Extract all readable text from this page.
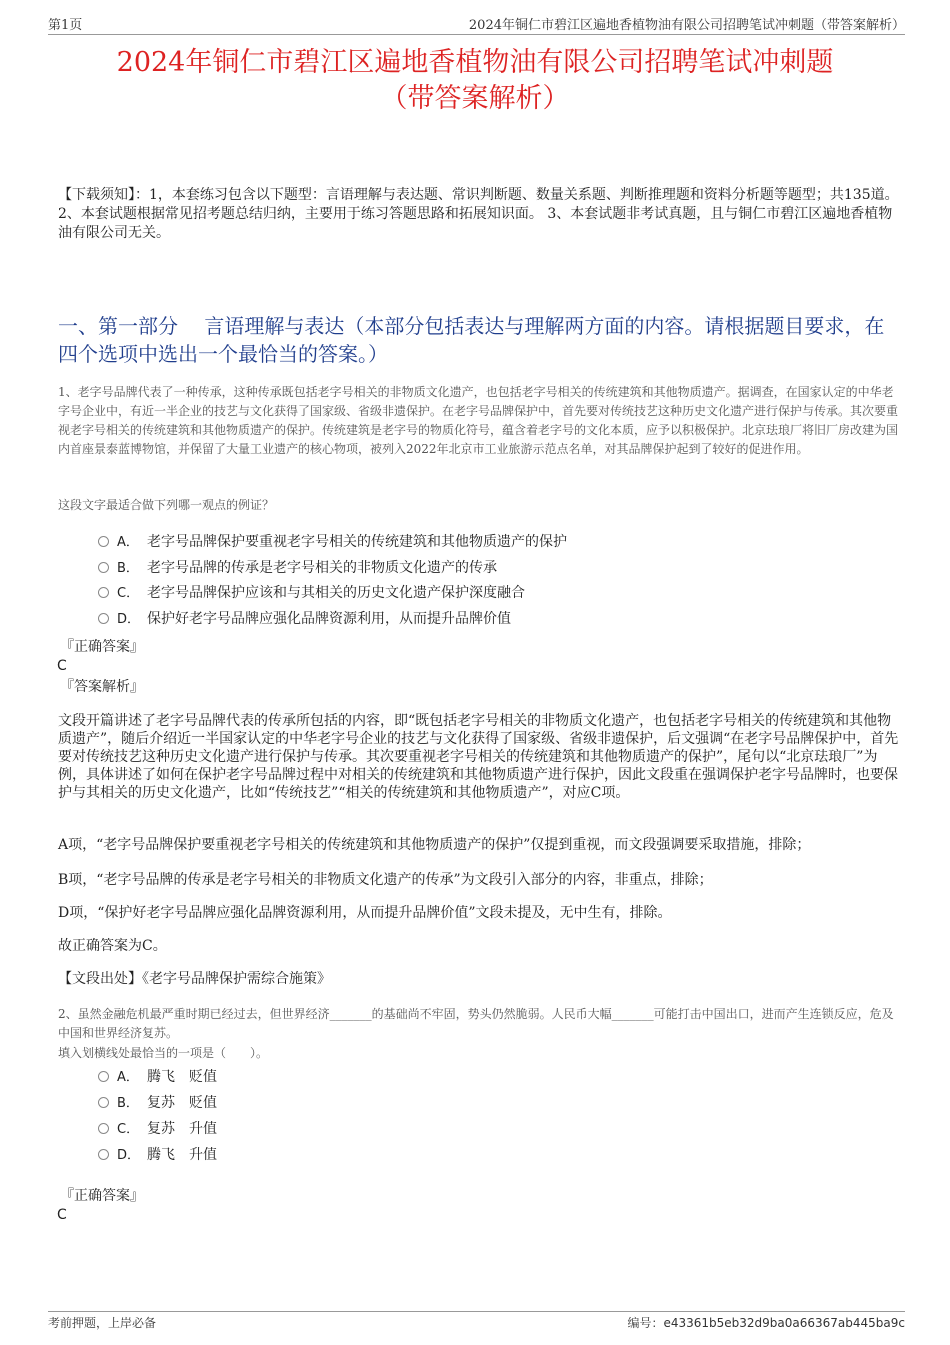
第1页	2024年铜仁市碧江区遍地香植物油有限公司招聘笔试冲刺题（带答案解析）
2024年铜仁市碧江区遍地香植物油有限公司招聘笔试冲刺题
（带答案解析）
【下载须知】：1，本套练习包含以下题型：言语理解与表达题、常识判断题、数量关系题、判断推理题和资料分析题等题型；共135道。 2、本套试题根据常见招考题总结归纳，主要用于练习答题思路和拓展知识面。 3、本套试题非考试真题，且与铜仁市碧江区遍地香植物油有限公司无关。
一、第一部分　 言语理解与表达（本部分包括表达与理解两方面的内容。请根据题目要求，在四个选项中选出一个最恰当的答案。）
1、老字号品牌代表了一种传承，这种传承既包括老字号相关的非物质文化遗产，也包括老字号相关的传统建筑和其他物质遗产。据调查，在国家认定的中华老字号企业中，有近一半企业的技艺与文化获得了国家级、省级非遗保护。在老字号品牌保护中，首先要对传统技艺这种历史文化遗产进行保护与传承。其次要重视老字号相关的传统建筑和其他物质遗产的保护。传统建筑是老字号的物质化符号，蕴含着老字号的文化本质，应予以积极保护。北京珐琅厂将旧厂房改建为国内首座景泰蓝博物馆，并保留了大量工业遗产的核心物项，被列入2022年北京市工业旅游示范点名单，对其品牌保护起到了较好的促进作用。
这段文字最适合做下列哪一观点的例证？
A． 老字号品牌保护要重视老字号相关的传统建筑和其他物质遗产的保护
B． 老字号品牌的传承是老字号相关的非物质文化遗产的传承
C． 老字号品牌保护应该和与其相关的历史文化遗产保护深度融合
D． 保护好老字号品牌应强化品牌资源利用，从而提升品牌价值
『正确答案』
C
『答案解析』
文段开篇讲述了老字号品牌代表的传承所包括的内容，即“既包括老字号相关的非物质文化遗产，也包括老字号相关的传统建筑和其他物质遗产”，随后介绍近一半国家认定的中华老字号企业的技艺与文化获得了国家级、省级非遗保护，后文强调“在老字号品牌保护中，首先要对传统技艺这种历史文化遗产进行保护与传承。其次要重视老字号相关的传统建筑和其他物质遗产的保护”，尾句以“北京珐琅厂”为例，具体讲述了如何在保护老字号品牌过程中对相关的传统建筑和其他物质遗产进行保护，因此文段重在强调保护老字号品牌时，也要保护与其相关的历史文化遗产，比如“传统技艺”“相关的传统建筑和其他物质遗产”，对应C项。
A项，“老字号品牌保护要重视老字号相关的传统建筑和其他物质遗产的保护”仅提到重视，而文段强调要采取措施，排除；
B项，“老字号品牌的传承是老字号相关的非物质文化遗产的传承”为文段引入部分的内容，非重点，排除；
D项，“保护好老字号品牌应强化品牌资源利用，从而提升品牌价值”文段未提及，无中生有，排除。
故正确答案为C。
【文段出处】《老字号品牌保护需综合施策》
2、虽然金融危机最严重时期已经过去，但世界经济_______的基础尚不牢固，势头仍然脆弱。人民币大幅_______可能打击中国出口，进而产生连锁反应，危及中国和世界经济复苏。
填入划横线处最恰当的一项是（　　）。
A． 腾飞　贬值
B． 复苏　贬值
C． 复苏　升值
D． 腾飞　升值
『正确答案』
C
考前押题，上岸必备	编号：e43361b5eb32d9ba0a66367ab445ba9c
